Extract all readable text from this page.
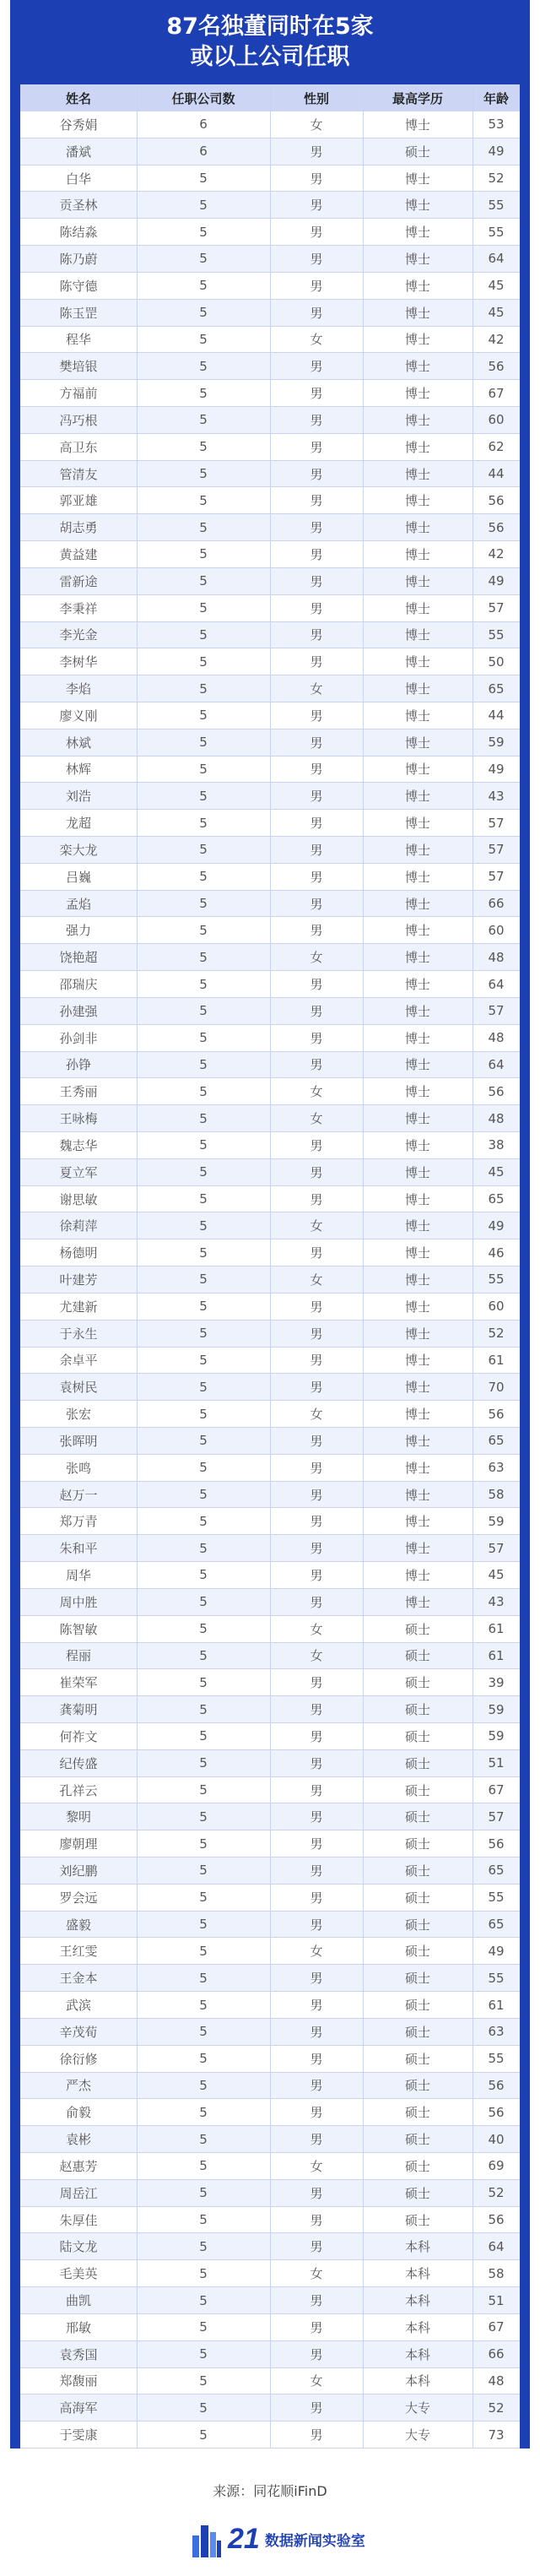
87名独董同时在5家
或以上公司任职
姓名	任职公司数	性别	最高学历	年龄
谷秀娟	6	女	博士	53
潘斌	6	男	硕士	49
白华	5	男	博士	52
贡圣林	5	男	博士	55
陈结淼	5	男	博士	55
陈乃蔚	5	男	博士	64
陈守德	5	男	博士	45
陈玉罡	5	男	博士	45
程华	5	女	博士	42
樊培银	5	男	博士	56
方福前	5	男	博士	67
冯巧根	5	男	博士	60
高卫东	5	男	博士	62
管清友	5	男	博士	44
郭亚雄	5	男	博士	56
胡志勇	5	男	博士	56
黄益建	5	男	博士	42
雷新途	5	男	博士	49
李秉祥	5	男	博士	57
李光金	5	男	博士	55
李树华	5	男	博士	50
李焰	5	女	博士	65
廖义刚	5	男	博士	44
林斌	5	男	博士	59
林辉	5	男	博士	49
刘浩	5	男	博士	43
龙超	5	男	博士	57
栾大龙	5	男	博士	57
吕巍	5	男	博士	57
孟焰	5	男	博士	66
强力	5	男	博士	60
饶艳超	5	女	博士	48
邵瑞庆	5	男	博士	64
孙建强	5	男	博士	57
孙剑非	5	男	博士	48
孙铮	5	男	博士	64
王秀丽	5	女	博士	56
王咏梅	5	女	博士	48
魏志华	5	男	博士	38
夏立军	5	男	博士	45
谢思敏	5	男	博士	65
徐莉萍	5	女	博士	49
杨德明	5	男	博士	46
叶建芳	5	女	博士	55
尤建新	5	男	博士	60
于永生	5	男	博士	52
余卓平	5	男	博士	61
袁树民	5	男	博士	70
张宏	5	女	博士	56
张晖明	5	男	博士	65
张鸣	5	男	博士	63
赵万一	5	男	博士	58
郑万青	5	男	博士	59
朱和平	5	男	博士	57
周华	5	男	博士	45
周中胜	5	男	博士	43
陈智敏	5	女	硕士	61
程丽	5	女	硕士	61
崔荣军	5	男	硕士	39
龚菊明	5	男	硕士	59
何祚文	5	男	硕士	59
纪传盛	5	男	硕士	51
孔祥云	5	男	硕士	67
黎明	5	男	硕士	57
廖朝理	5	男	硕士	56
刘纪鹏	5	男	硕士	65
罗会远	5	男	硕士	55
盛毅	5	男	硕士	65
王红雯	5	女	硕士	49
王金本	5	男	硕士	55
武滨	5	男	硕士	61
辛茂荀	5	男	硕士	63
徐衍修	5	男	硕士	55
严杰	5	男	硕士	56
俞毅	5	男	硕士	56
袁彬	5	男	硕士	40
赵惠芳	5	女	硕士	69
周岳江	5	男	硕士	52
朱厚佳	5	男	硕士	56
陆文龙	5	男	本科	64
毛美英	5	女	本科	58
曲凯	5	男	本科	51
邢敏	5	男	本科	67
袁秀国	5	男	本科	66
郑馥丽	5	女	本科	48
高海军	5	男	大专	52
于雯康	5	男	大专	73
来源：同花顺iFinD
21 数据新闻实验室
